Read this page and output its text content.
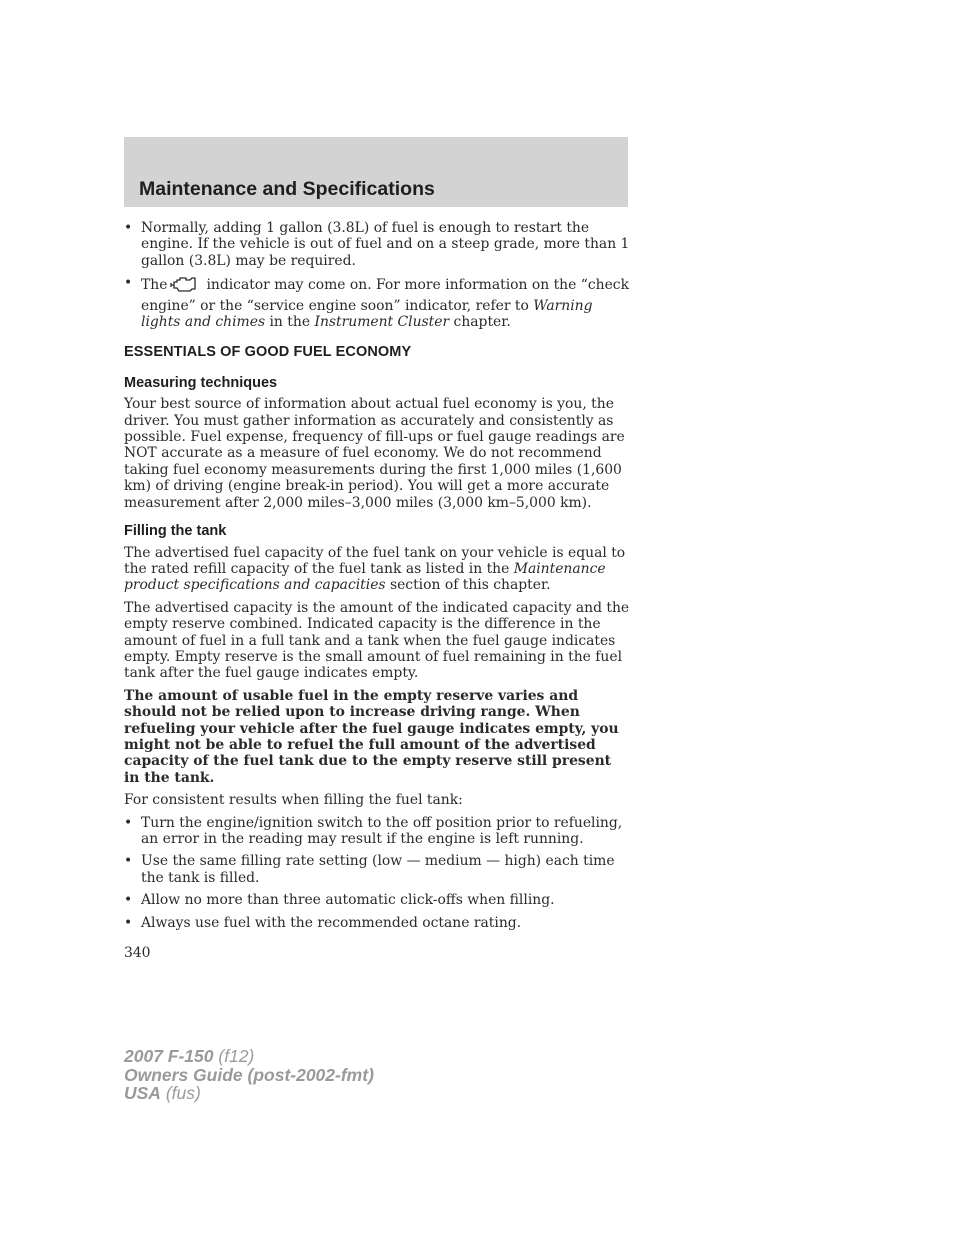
Maintenance and Specifications
• Normally, adding 1 gallon (3.8L) of fuel is enough to restart the engine. If the vehicle is out of fuel and on a steep grade, more than 1 gallon (3.8L) may be required.
• The	indicator may come on. For more information on the “check engine” or the “service engine soon” indicator, refer to Warning lights and chimes in the Instrument Cluster chapter.
ESSENTIALS OF GOOD FUEL ECONOMY
Measuring techniques

Your best source of information about actual fuel economy is you, the driver. You must gather information as accurately and consistently as possible. Fuel expense, frequency of fill-ups or fuel gauge readings are NOT accurate as a measure of fuel economy. We do not recommend taking fuel economy measurements during the first 1,000 miles (1,600 km) of driving (engine break-in period). You will get a more accurate measurement after 2,000 miles–3,000 miles (3,000 km–5,000 km).

Filling the tank

The advertised fuel capacity of the fuel tank on your vehicle is equal to the rated refill capacity of the fuel tank as listed in the Maintenance product specifications and capacities section of this chapter.

The advertised capacity is the amount of the indicated capacity and the empty reserve combined. Indicated capacity is the difference in the amount of fuel in a full tank and a tank when the fuel gauge indicates empty. Empty reserve is the small amount of fuel remaining in the fuel tank after the fuel gauge indicates empty.

The amount of usable fuel in the empty reserve varies and should not be relied upon to increase driving range. When refueling your vehicle after the fuel gauge indicates empty, you might not be able to refuel the full amount of the advertised capacity of the fuel tank due to the empty reserve still present in the tank.

For consistent results when filling the fuel tank:

• Turn the engine/ignition switch to the off position prior to refueling, an error in the reading may result if the engine is left running.
• Use the same filling rate setting (low — medium — high) each time the tank is filled.
• Allow no more than three automatic click-offs when filling.
• Always use fuel with the recommended octane rating.
340
2007 F-150 (f12)
Owners Guide (post-2002-fmt)
USA (fus)
